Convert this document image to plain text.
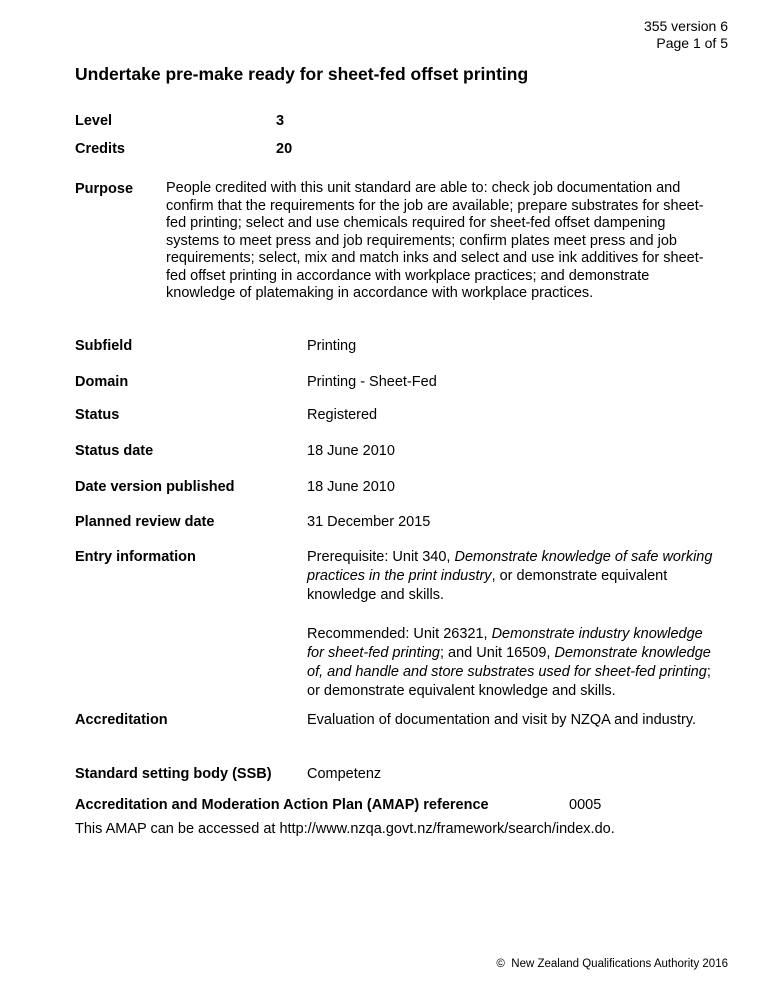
355 version 6
Page 1 of 5
Undertake pre-make ready for sheet-fed offset printing
Level	3
Credits	20
Purpose People credited with this unit standard are able to: check job documentation and confirm that the requirements for the job are available; prepare substrates for sheet-fed printing; select and use chemicals required for sheet-fed offset dampening systems to meet press and job requirements; confirm plates meet press and job requirements; select, mix and match inks and select and use ink additives for sheet-fed offset printing in accordance with workplace practices; and demonstrate knowledge of platemaking in accordance with workplace practices.
Subfield	Printing
Domain	Printing - Sheet-Fed
Status	Registered
Status date	18 June 2010
Date version published	18 June 2010
Planned review date	31 December 2015
Entry information	Prerequisite: Unit 340, Demonstrate knowledge of safe working practices in the print industry, or demonstrate equivalent knowledge and skills.
Recommended: Unit 26321, Demonstrate industry knowledge for sheet-fed printing; and Unit 16509, Demonstrate knowledge of, and handle and store substrates used for sheet-fed printing; or demonstrate equivalent knowledge and skills.
Accreditation	Evaluation of documentation and visit by NZQA and industry.
Standard setting body (SSB) Competenz
Accreditation and Moderation Action Plan (AMAP) reference	0005
This AMAP can be accessed at http://www.nzqa.govt.nz/framework/search/index.do.
© New Zealand Qualifications Authority 2016
